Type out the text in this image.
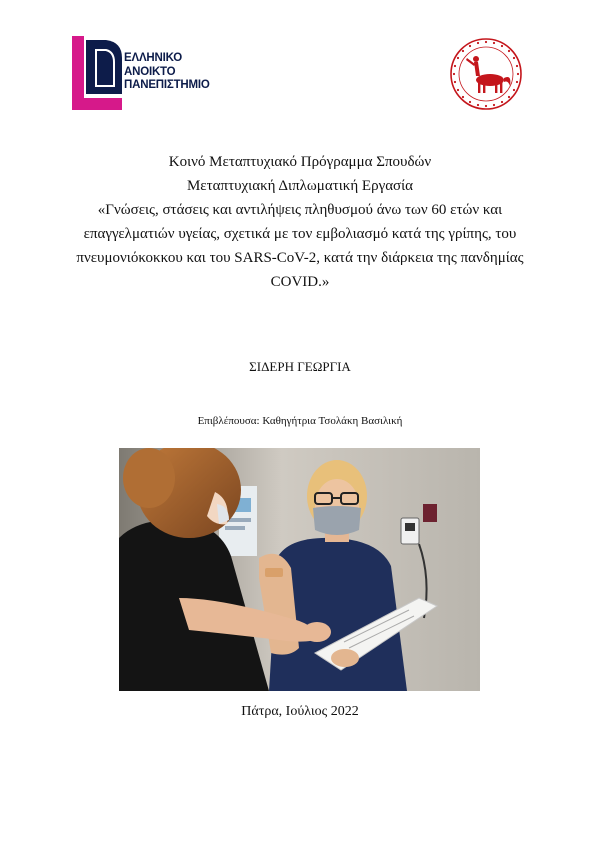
ΕΛΛΗΝΙΚΟ
ΑΝΟΙΚΤΟ
ΠΑΝΕΠΙΣΤΗΜΙΟ
Κοινό Μεταπτυχιακό Πρόγραμμα Σπουδών
Μεταπτυχιακή Διπλωματική Εργασία
«Γνώσεις, στάσεις και αντιλήψεις πληθυσμού άνω των 60 ετών και επαγγελματιών υγείας, σχετικά με τον εμβολιασμό κατά της γρίπης, του πνευμονιόκοκκου και του SARS-CoV-2, κατά την διάρκεια της πανδημίας COVID.»
ΣΙΔΕΡΗ ΓΕΩΡΓΙΑ
Επιβλέπουσα: Καθηγήτρια Τσολάκη Βασιλική
Πάτρα, Ιούλιος 2022
